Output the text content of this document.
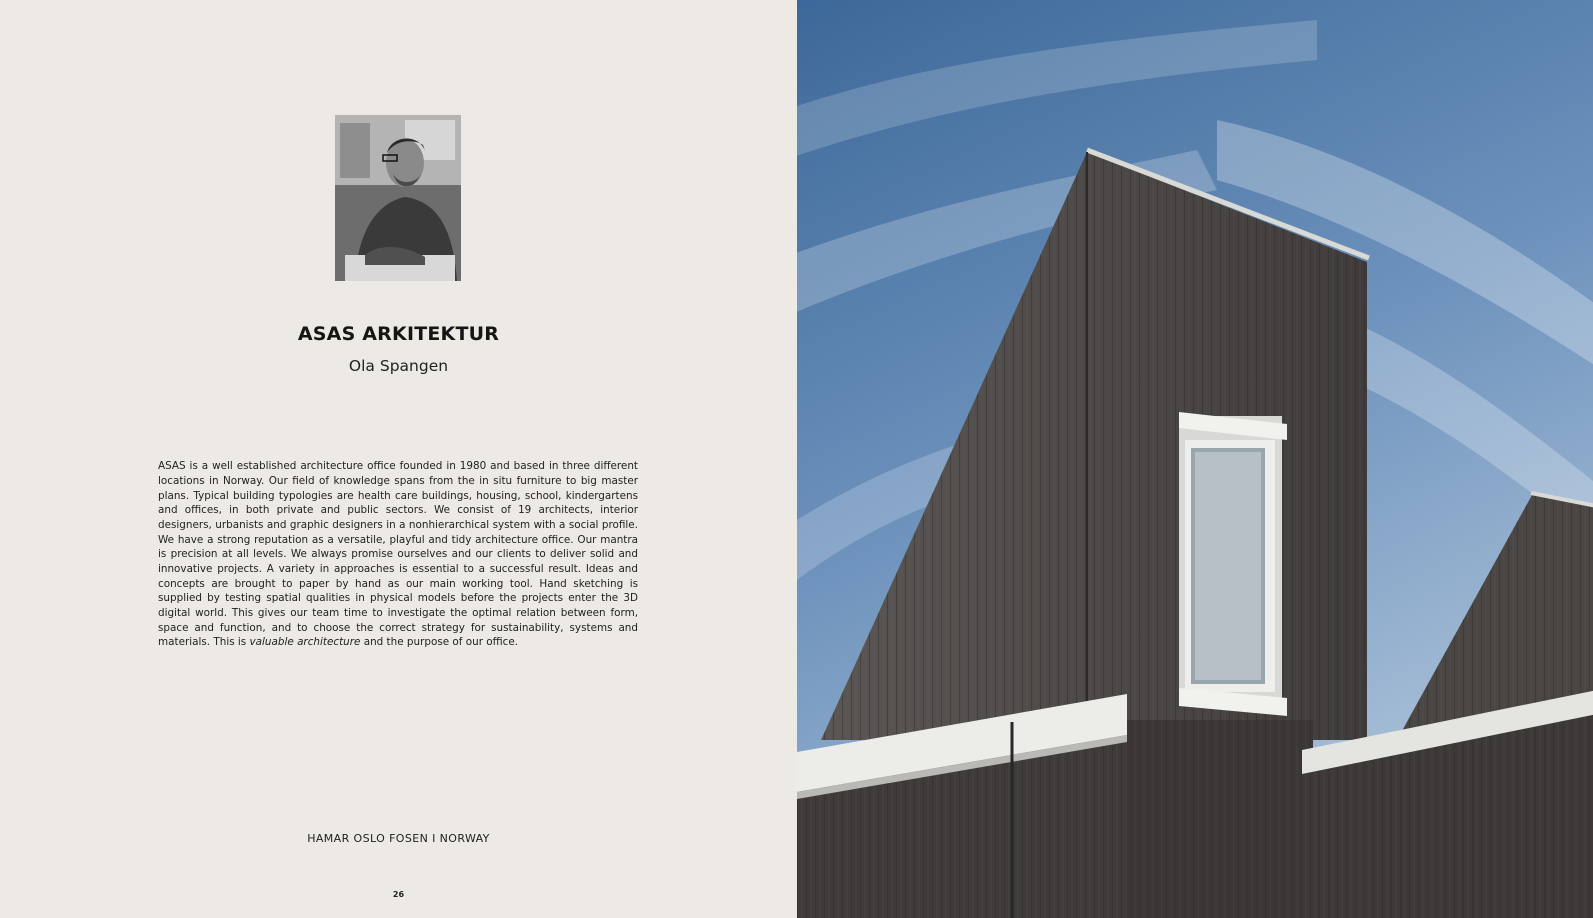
ASAS ARKITEKTUR
Ola Spangen

ASAS is a well established architecture office founded in 1980 and based in three different locations in Norway. Our field of knowledge spans from the in situ furniture to big master plans. Typical building typologies are health care buildings, housing, school, kindergartens and offices, in both private and public sectors. We consist of 19 architects, interior designers, urbanists and graphic designers in a nonhierarchical system with a social profile. We have a strong reputation as a versatile, playful and tidy architecture office. Our mantra is precision at all levels. We always promise ourselves and our clients to deliver solid and innovative projects. A variety in approaches is essential to a successful result. Ideas and concepts are brought to paper by hand as our main working tool. Hand sketching is supplied by testing spatial qualities in physical models before the projects enter the 3D digital world. This gives our team time to investigate the optimal relation between form, space and function, and to choose the correct strategy for sustainability, systems and materials. This is valuable architecture and the purpose of our office.

HAMAR OSLO FOSEN I NORWAY
26
